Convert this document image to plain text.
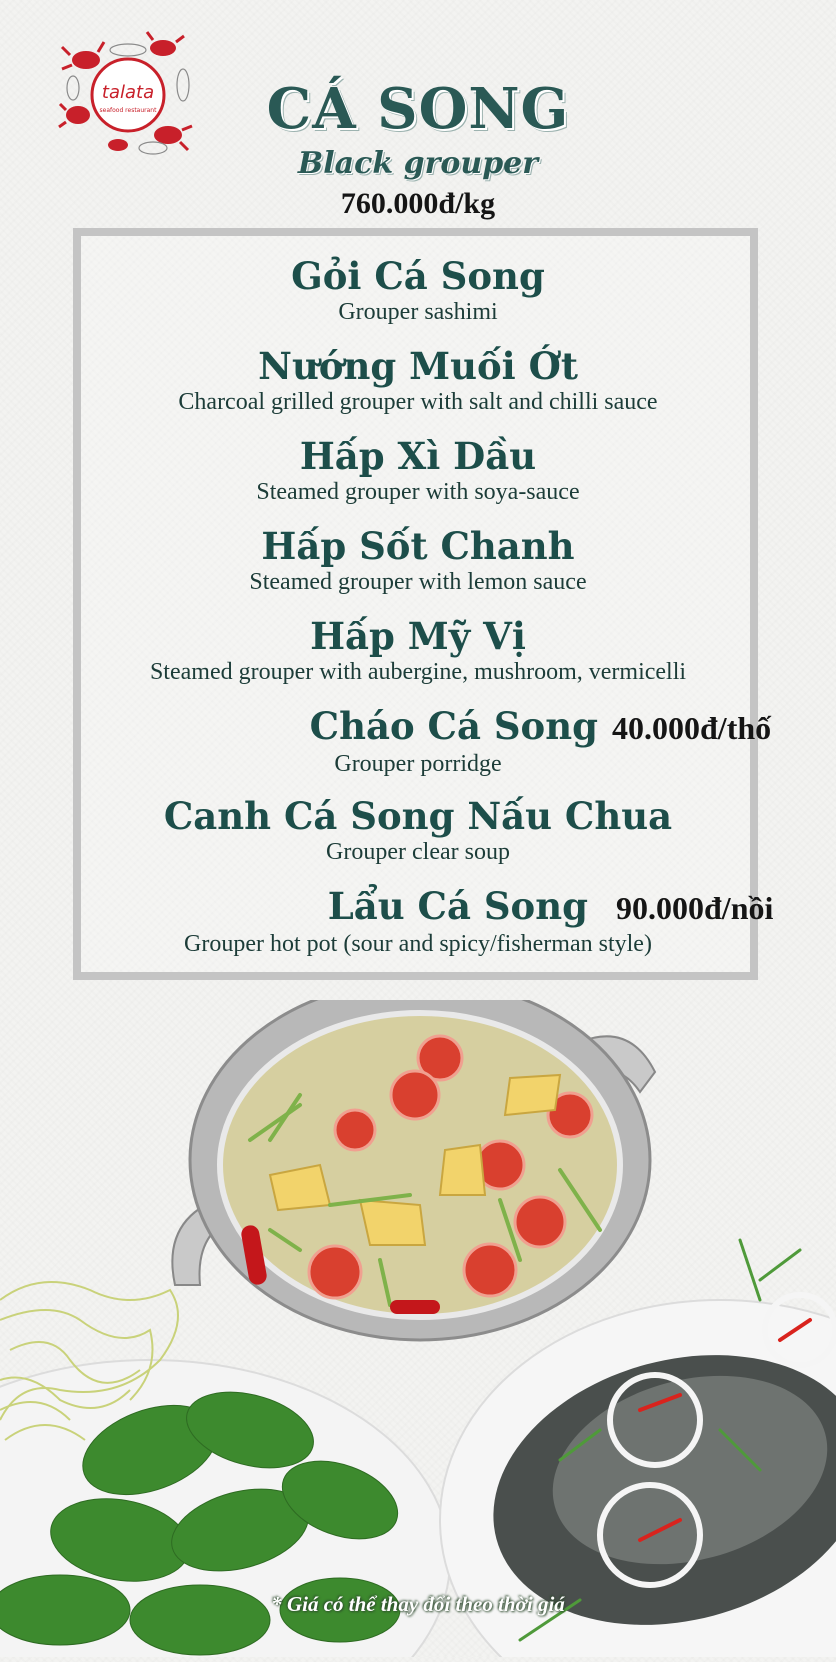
talata
seafood restaurant	CÁ SONG
Black grouper
760.000đ/kg
Gỏi Cá Song
Grouper sashimi
Nướng Muối Ớt
Charcoal grilled grouper with salt and chilli sauce
Hấp Xì Dầu
Steamed grouper with soya-sauce
Hấp Sốt Chanh
Steamed grouper with lemon sauce
Hấp Mỹ Vị
Steamed grouper with aubergine, mushroom, vermicelli
Cháo Cá Song 40.000đ/thố
Grouper porridge
Canh Cá Song Nấu Chua
Grouper clear soup
Lẩu Cá Song 90.000đ/nồi
Grouper hot pot (sour and spicy/fisherman style)
* Giá có thể thay đổi theo thời giá
